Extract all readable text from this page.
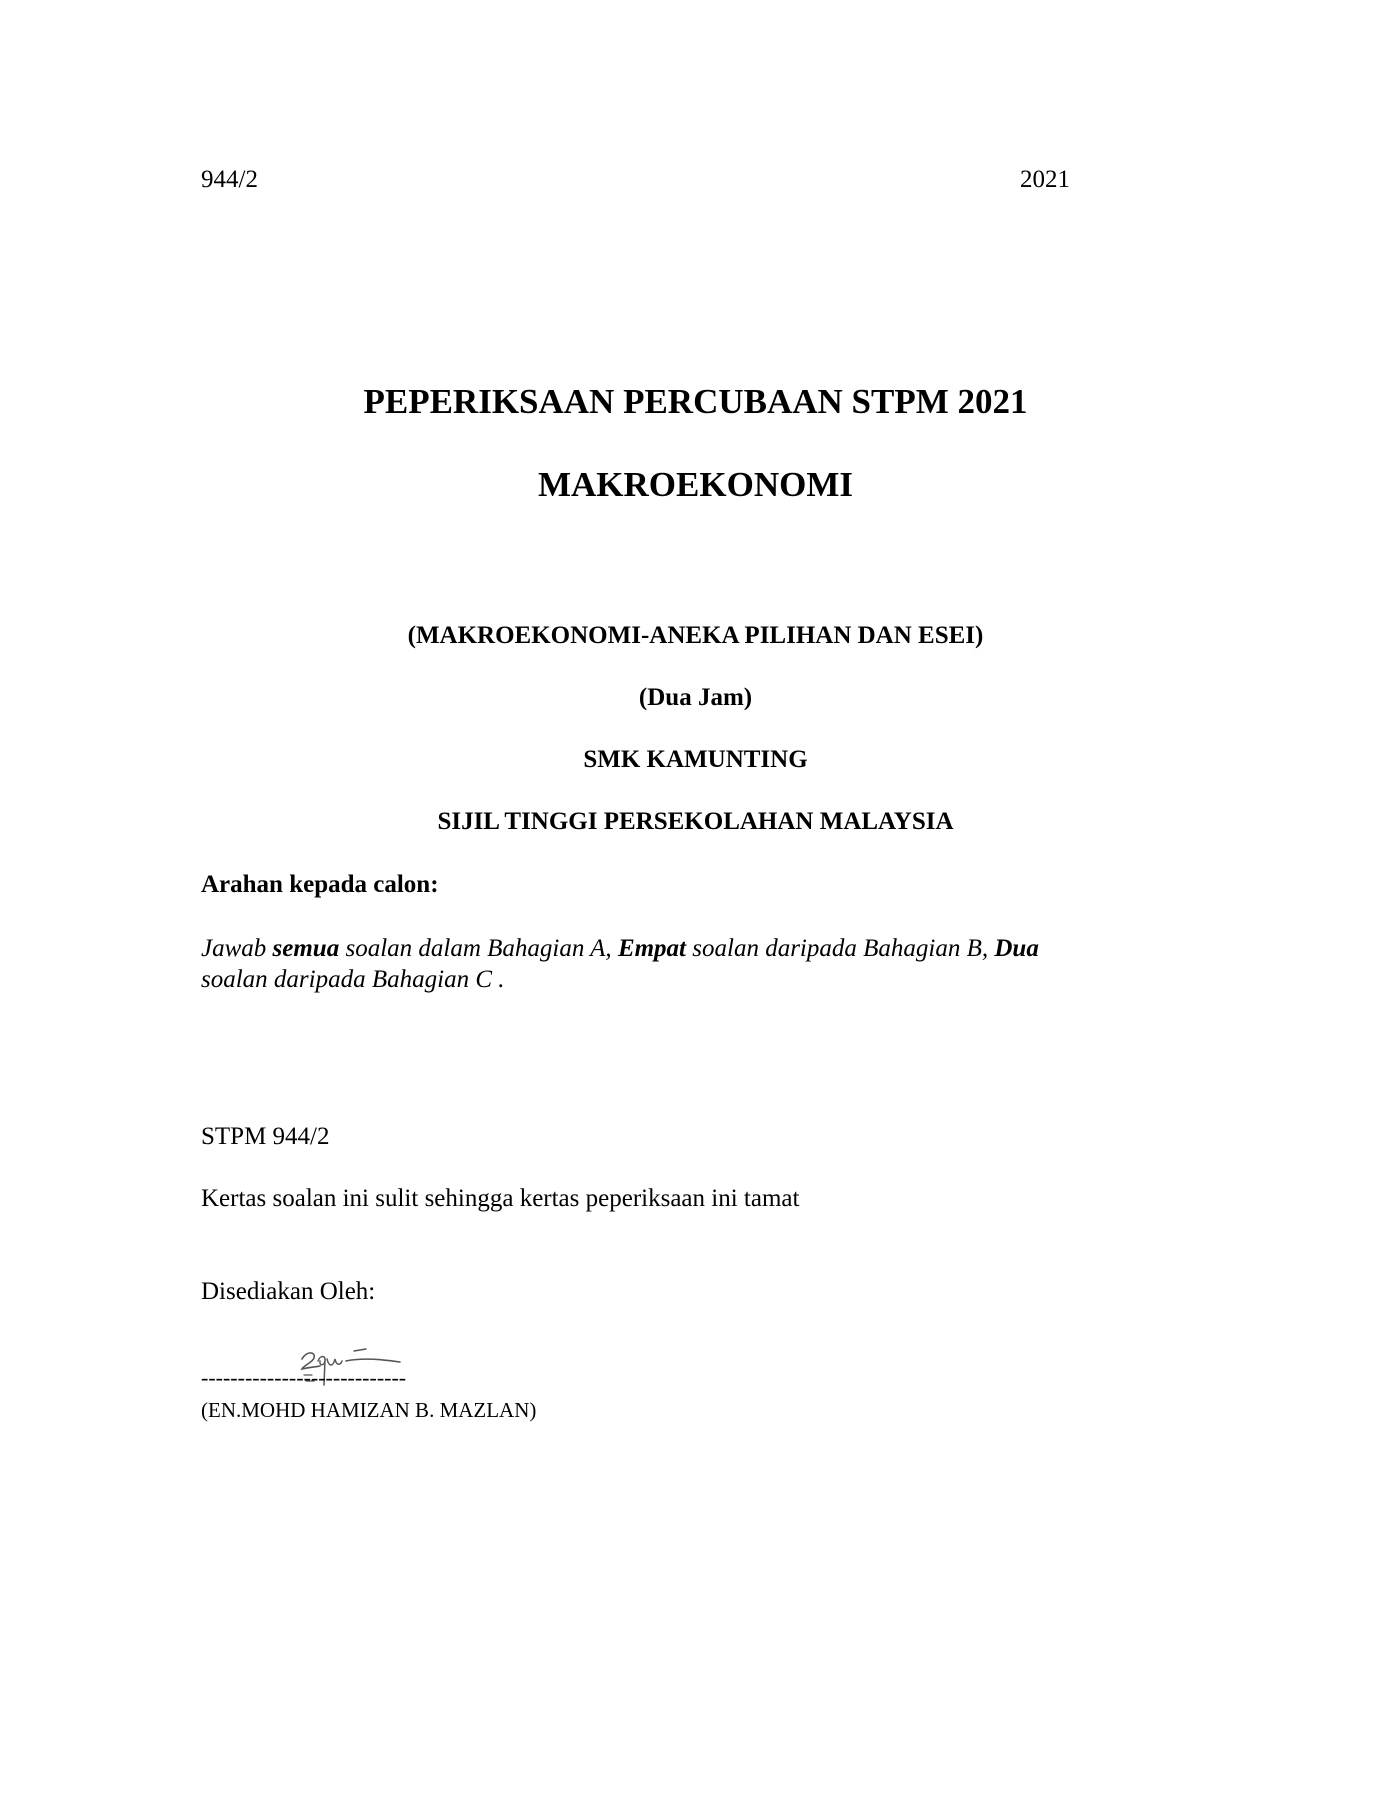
944/2	2021
PEPERIKSAAN PERCUBAAN STPM 2021
MAKROEKONOMI
(MAKROEKONOMI-ANEKA PILIHAN DAN ESEI)
(Dua Jam)
SMK KAMUNTING
SIJIL TINGGI PERSEKOLAHAN MALAYSIA
Arahan kepada calon:
Jawab semua soalan dalam Bahagian A, Empat soalan daripada Bahagian B, Dua
soalan daripada Bahagian C .
STPM 944/2
Kertas soalan ini sulit sehingga kertas peperiksaan ini tamat
Disediakan Oleh:
----------------------------
(EN.MOHD HAMIZAN B. MAZLAN)
